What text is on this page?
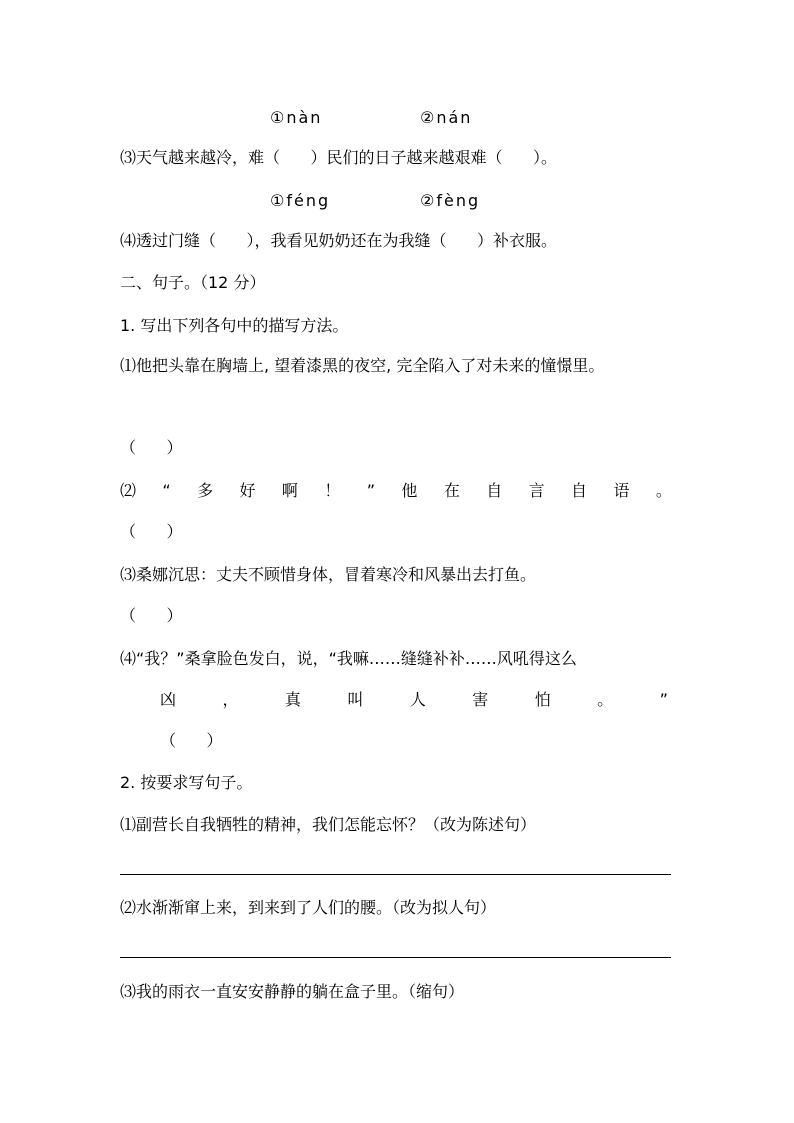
①nàn	②nán
⑶天气越来越冷，难（      ）民们的日子越来越艰难（      ）。
①féng	②fèng
⑷透过门缝（      ），我看见奶奶还在为我缝（      ）补衣服。
二、句子。（12 分）
1. 写出下列各句中的描写方法。
⑴他把头靠在胸墙上, 望着漆黑的夜空, 完全陷入了对未来的憧憬里。
（      ）
⑵ “ 多 好 啊 ！ ” 他 在 自 言 自 语 。
（      ）
⑶桑娜沉思：丈夫不顾惜身体，冒着寒冷和风暴出去打鱼。
（      ）
⑷“我？”桑拿脸色发白，说，“我嘛……缝缝补补……风吼得这么
凶	，	真	叫	人	害	怕	。	”
（      ）
2. 按要求写句子。
⑴副营长自我牺牲的精神，我们怎能忘怀？（改为陈述句）
⑵水渐渐窜上来，到来到了人们的腰。（改为拟人句）
⑶我的雨衣一直安安静静的躺在盒子里。（缩句）
